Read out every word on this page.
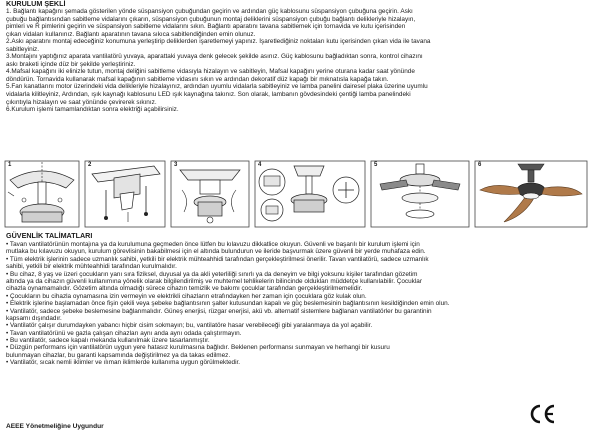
KURULUM ŞEKLİ
1. Bağlantı kapağını şemada gösterilen yönde süspansiyon çubuğundan geçirin ve ardından güç kablosunu süspansiyon çubuğuna geçirin. Askı
çubuğu bağlantısından sabitleme vidalarını çıkarın, süspansiyon çubuğunun montaj deliklerini süspansiyon çubuğu bağlantı delikleriyle hizalayın,
pimleri ve R pimlerini geçirin ve süspansiyon sabitleme vidalarını sıkın. Bağlantı aparatını tavana sabitlemek için tornavida ve kutu içerisinden
çıkan vidaları kullanınız. Bağlantı aparatının tavana sıkıca sabitlendiğinden emin olunuz.
2.Askı aparatını montaj edeceğiniz konumuna yerleştirip deliklerden işaretlemeyi yapınız. İşaretlediğiniz noktaları kutu içerisinden çıkan vida ile tavana
sabitleyiniz.
3.Montajını yaptığınız aparata vantilatörü yuvaya, aparattaki yuvaya denk gelecek şekilde asınız. Güç kablosunu bağladıktan sonra, kontrol cihazını
askı braketi içinde düz bir şekilde yerleştiriniz.
4.Mafsal kapağını iki elinizle tutun, montaj deliğini sabitleme vidasıyla hizalayın ve sabitleyin, Mafsal kapağını yerine oturana kadar saat yönünde
döndürün. Tornavida kullanarak mafsal kapağının sabitleme vidasını sıkın ve ardından dekoratif düz kapağı bir mıknatısla kapağa takın.
5.Fan kanatlarını motor üzerindeki vida delikleriyle hizalayınız, ardından uyumlu vidalarla sabitleyiniz ve lamba panelini dairesel plaka üzerine uyumlu
vidalarla kilitleyiniz, Ardından, ışık kaynağı kablosunu LED ışık kaynağına takınız. Son olarak, lambanın gövdesindeki çentiği lamba panelindeki
çıkıntıyla hizalayın ve saat yönünde çevirerek sıkınız.
6.Kurulum işlemi tamamlandıktan sonra elektriği açabilirsiniz.
1	2	3	4	5	6
GÜVENLİK TALİMATLARI
• Tavan vantilatörünün montajına ya da kurulumuna geçmeden önce lütfen bu kılavuzu dikkatlice okuyun. Güvenli ve başarılı bir kurulum işlemi için
mutlaka bu kılavuzu okuyun, kurulum görevlisinin bakabilmesi için el altında bulundurun ve ileride başvurmak üzere güvenli bir yerde muhafaza edin.
• Tüm elektrik işlerinin sadece uzmanlık sahibi, yetkili bir elektrik mühteahhidi tarafından gerçekleştirilmesi önerilir. Tavan vantilatörü, sadece uzmanlık
sahibi, yetkili bir elektrik mühteahhidi tarafından kurulmalıdır.
• Bu cihaz, 8 yaş ve üzeri çocukların yanı sıra fiziksel, duyusal ya da akli yeterliliği sınırlı ya da deneyim ve bilgi yoksunu kişiler tarafından gözetim
altında ya da cihazın güvenli kullanımına yönelik olarak bilgilendirilmiş ve muhtemel tehlikelerin bilincinde oldukları müddetçe kullanılabilir. Çocuklar
cihazla oynamamalıdır. Gözetim altında olmadığı sürece cihazın temizlik ve bakımı çocuklar tarafından gerçekleştirilmemelidir.
• Çocukların bu cihazla oynamasına izin vermeyin ve elektrikli cihazların etrafındayken her zaman için çocuklara göz kulak olun.
• Elektrik işlerine başlamadan önce fişin çekili veya şebeke bağlantısının şalter kutusundan kapalı ve güç beslemesinin bağlantısının kesildiğinden emin olun.
• Vantilatör, sadece şebeke beslemesine bağlanmalıdır. Güneş enerjisi, rüzgar enerjisi, akü vb. alternatif sistemlere bağlanan vantilatörler bu garantinin
kapsamı dışındadır.
• Vantilatör çalışır durumdayken yabancı hiçbir cisim sokmayın; bu, vantilatöre hasar verebileceği gibi yaralanmaya da yol açabilir.
• Tavan vantilatörünü ve gazla çalışan cihazları aynı anda aynı odada çalıştırmayın.
• Bu vantilatör, sadece kapalı mekanda kullanılmak üzere tasarlanmıştır.
• Düzgün performans için vantilatörün uygun yere hatasız kurulmasına bağlıdır. Beklenen performansı sunmayan ve herhangi bir kusuru
bulunmayan cihazlar, bu garanti kapsamında değiştirilmez ya da takas edilmez.
• Vantilatör, sıcak nemli iklimler ve ılıman iklimlerde kullanıma uygun görülmektedir.
AEEE Yönetmeliğine Uygundur
